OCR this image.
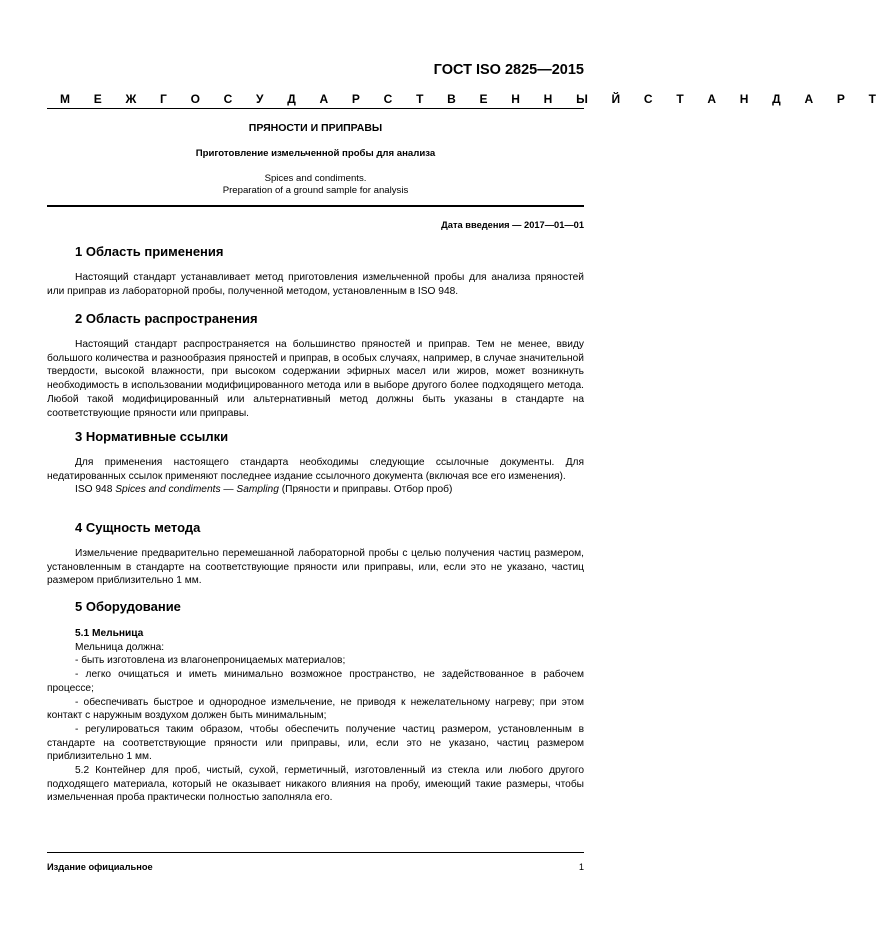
ГОСТ ISO 2825—2015
М Е Ж Г О С У Д А Р С Т В Е Н Н Ы Й С Т А Н Д А Р Т
ПРЯНОСТИ И ПРИПРАВЫ
Приготовление измельченной пробы для анализа
Spices and condiments.
Preparation of a ground sample for analysis
Дата введения — 2017—01—01
1 Область применения

Настоящий стандарт устанавливает метод приготовления измельченной пробы для анализа пряностей или приправ из лабораторной пробы, полученной методом, установленным в ISO 948.

2 Область распространения

Настоящий стандарт распространяется на большинство пряностей и приправ. Тем не менее, ввиду большого количества и разнообразия пряностей и приправ, в особых случаях, например, в случае значительной твердости, высокой влажности, при высоком содержании эфирных масел или жиров, может возникнуть необходимость в использовании модифицированного метода или в выборе другого более подходящего метода. Любой такой модифицированный или альтернативный метод должны быть указаны в стандарте на соответствующие пряности или приправы.

3 Нормативные ссылки

Для применения настоящего стандарта необходимы следующие ссылочные документы. Для недатированных ссылок применяют последнее издание ссылочного документа (включая все его изменения).

ISO 948 Spices and condiments — Sampling (Пряности и приправы. Отбор проб)

4 Сущность метода

Измельчение предварительно перемешанной лабораторной пробы с целью получения частиц размером, установленным в стандарте на соответствующие пряности или приправы, или, если это не указано, частиц размером приблизительно 1 мм.

5 Оборудование

5.1 Мельница

Мельница должна:

- быть изготовлена из влагонепроницаемых материалов;

- легко очищаться и иметь минимально возможное пространство, не задействованное в рабочем процессе;

- обеспечивать быстрое и однородное измельчение, не приводя к нежелательному нагреву; при этом контакт с наружным воздухом должен быть минимальным;

- регулироваться таким образом, чтобы обеспечить получение частиц размером, установленным в стандарте на соответствующие пряности или приправы, или, если это не указано, частиц размером приблизительно 1 мм.

5.2 Контейнер для проб, чистый, сухой, герметичный, изготовленный из стекла или любого другого подходящего материала, который не оказывает никакого влияния на пробу, имеющий такие размеры, чтобы измельченная проба практически полностью заполняла его.

Издание официальное	1
